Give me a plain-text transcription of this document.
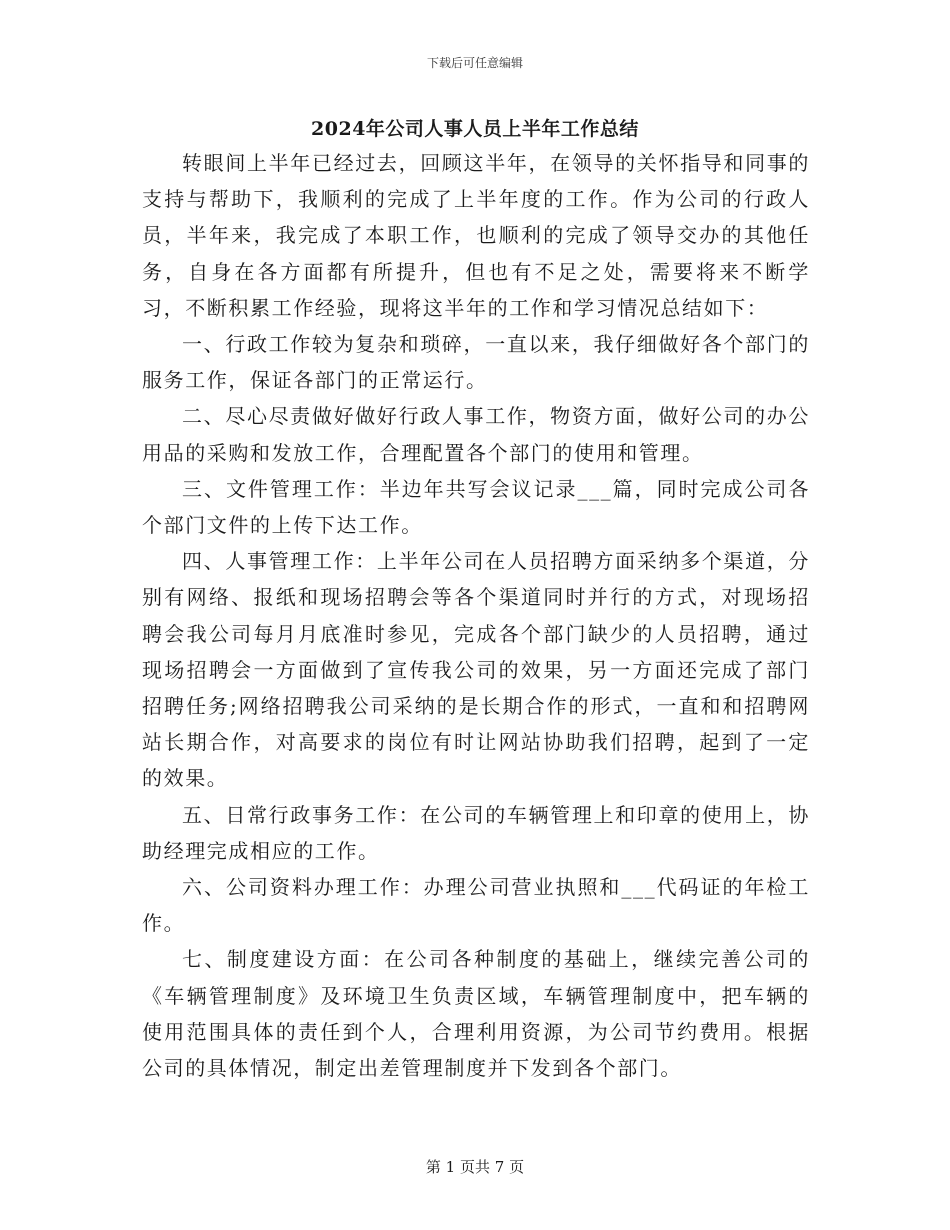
下载后可任意编辑
2024年公司人事人员上半年工作总结

转眼间上半年已经过去，回顾这半年，在领导的关怀指导和同事的支持与帮助下，我顺利的完成了上半年度的工作。作为公司的行政人员，半年来，我完成了本职工作，也顺利的完成了领导交办的其他任务，自身在各方面都有所提升，但也有不足之处，需要将来不断学习，不断积累工作经验，现将这半年的工作和学习情况总结如下：

一、行政工作较为复杂和琐碎，一直以来，我仔细做好各个部门的服务工作，保证各部门的正常运行。

二、尽心尽责做好做好行政人事工作，物资方面，做好公司的办公用品的采购和发放工作，合理配置各个部门的使用和管理。

三、文件管理工作：半边年共写会议记录___篇，同时完成公司各个部门文件的上传下达工作。

四、人事管理工作：上半年公司在人员招聘方面采纳多个渠道，分别有网络、报纸和现场招聘会等各个渠道同时并行的方式，对现场招聘会我公司每月月底准时参见，完成各个部门缺少的人员招聘，通过现场招聘会一方面做到了宣传我公司的效果，另一方面还完成了部门招聘任务;网络招聘我公司采纳的是长期合作的形式，一直和和招聘网站长期合作，对高要求的岗位有时让网站协助我们招聘，起到了一定的效果。

五、日常行政事务工作：在公司的车辆管理上和印章的使用上，协助经理完成相应的工作。

六、公司资料办理工作：办理公司营业执照和___代码证的年检工作。

七、制度建设方面：在公司各种制度的基础上，继续完善公司的《车辆管理制度》及环境卫生负责区域，车辆管理制度中，把车辆的使用范围具体的责任到个人，合理利用资源，为公司节约费用。根据公司的具体情况，制定出差管理制度并下发到各个部门。

第 1 页共 7 页
